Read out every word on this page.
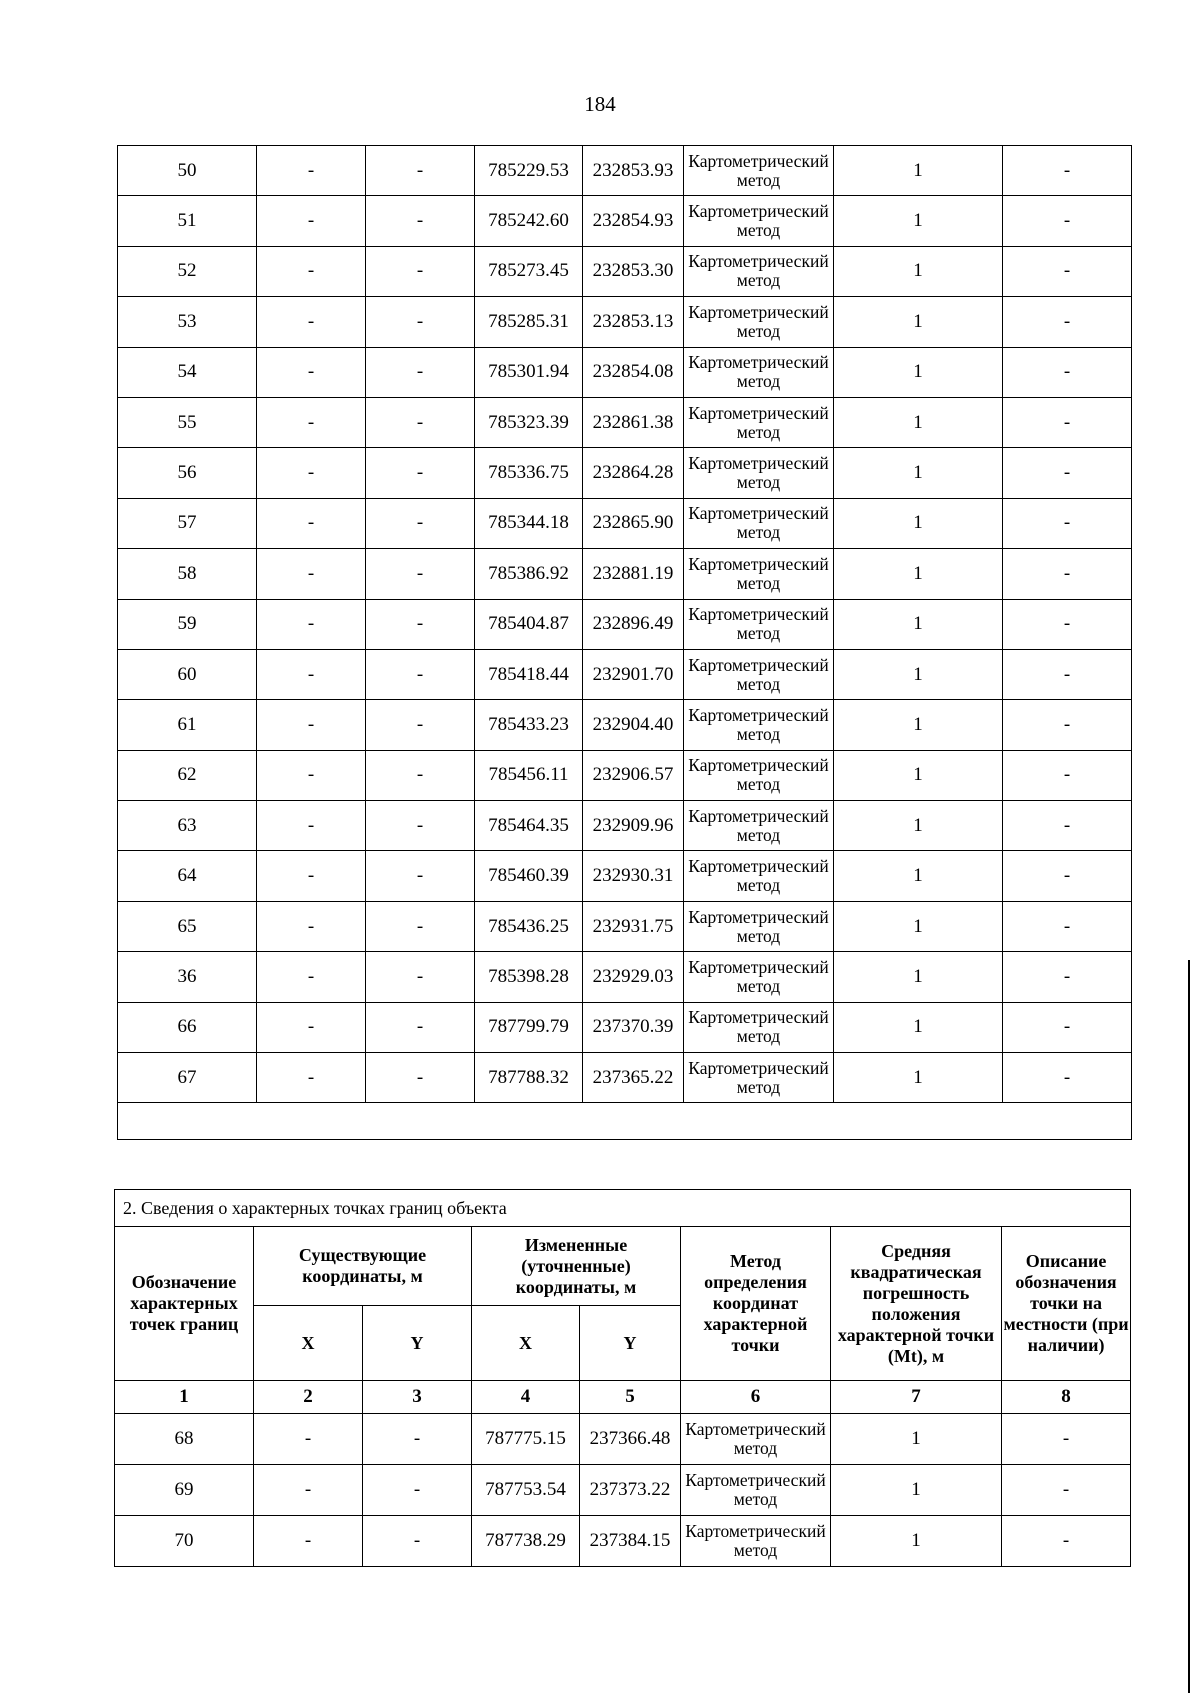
184
50	-	-	785229.53	232853.93	Картометрический метод	1	-
51	-	-	785242.60	232854.93	Картометрический метод	1	-
52	-	-	785273.45	232853.30	Картометрический метод	1	-
53	-	-	785285.31	232853.13	Картометрический метод	1	-
54	-	-	785301.94	232854.08	Картометрический метод	1	-
55	-	-	785323.39	232861.38	Картометрический метод	1	-
56	-	-	785336.75	232864.28	Картометрический метод	1	-
57	-	-	785344.18	232865.90	Картометрический метод	1	-
58	-	-	785386.92	232881.19	Картометрический метод	1	-
59	-	-	785404.87	232896.49	Картометрический метод	1	-
60	-	-	785418.44	232901.70	Картометрический метод	1	-
61	-	-	785433.23	232904.40	Картометрический метод	1	-
62	-	-	785456.11	232906.57	Картометрический метод	1	-
63	-	-	785464.35	232909.96	Картометрический метод	1	-
64	-	-	785460.39	232930.31	Картометрический метод	1	-
65	-	-	785436.25	232931.75	Картометрический метод	1	-
36	-	-	785398.28	232929.03	Картометрический метод	1	-
66	-	-	787799.79	237370.39	Картометрический метод	1	-
67	-	-	787788.32	237365.22	Картометрический метод	1	-

2. Сведения о характерных точках границ объекта							
Обозначение характерных точек границ	Существующие координаты, м		Измененные (уточненные) координаты, м		Метод определения координат характерной точки	Средняя квадратическая погрешность положения характерной точки (Mt), м	Описание обозначения точки на местности (при наличии)
	X	Y	X	Y			
1	2	3	4	5	6	7	8
68	-	-	787775.15	237366.48	Картометрический метод	1	-
69	-	-	787753.54	237373.22	Картометрический метод	1	-
70	-	-	787738.29	237384.15	Картометрический метод	1	-
